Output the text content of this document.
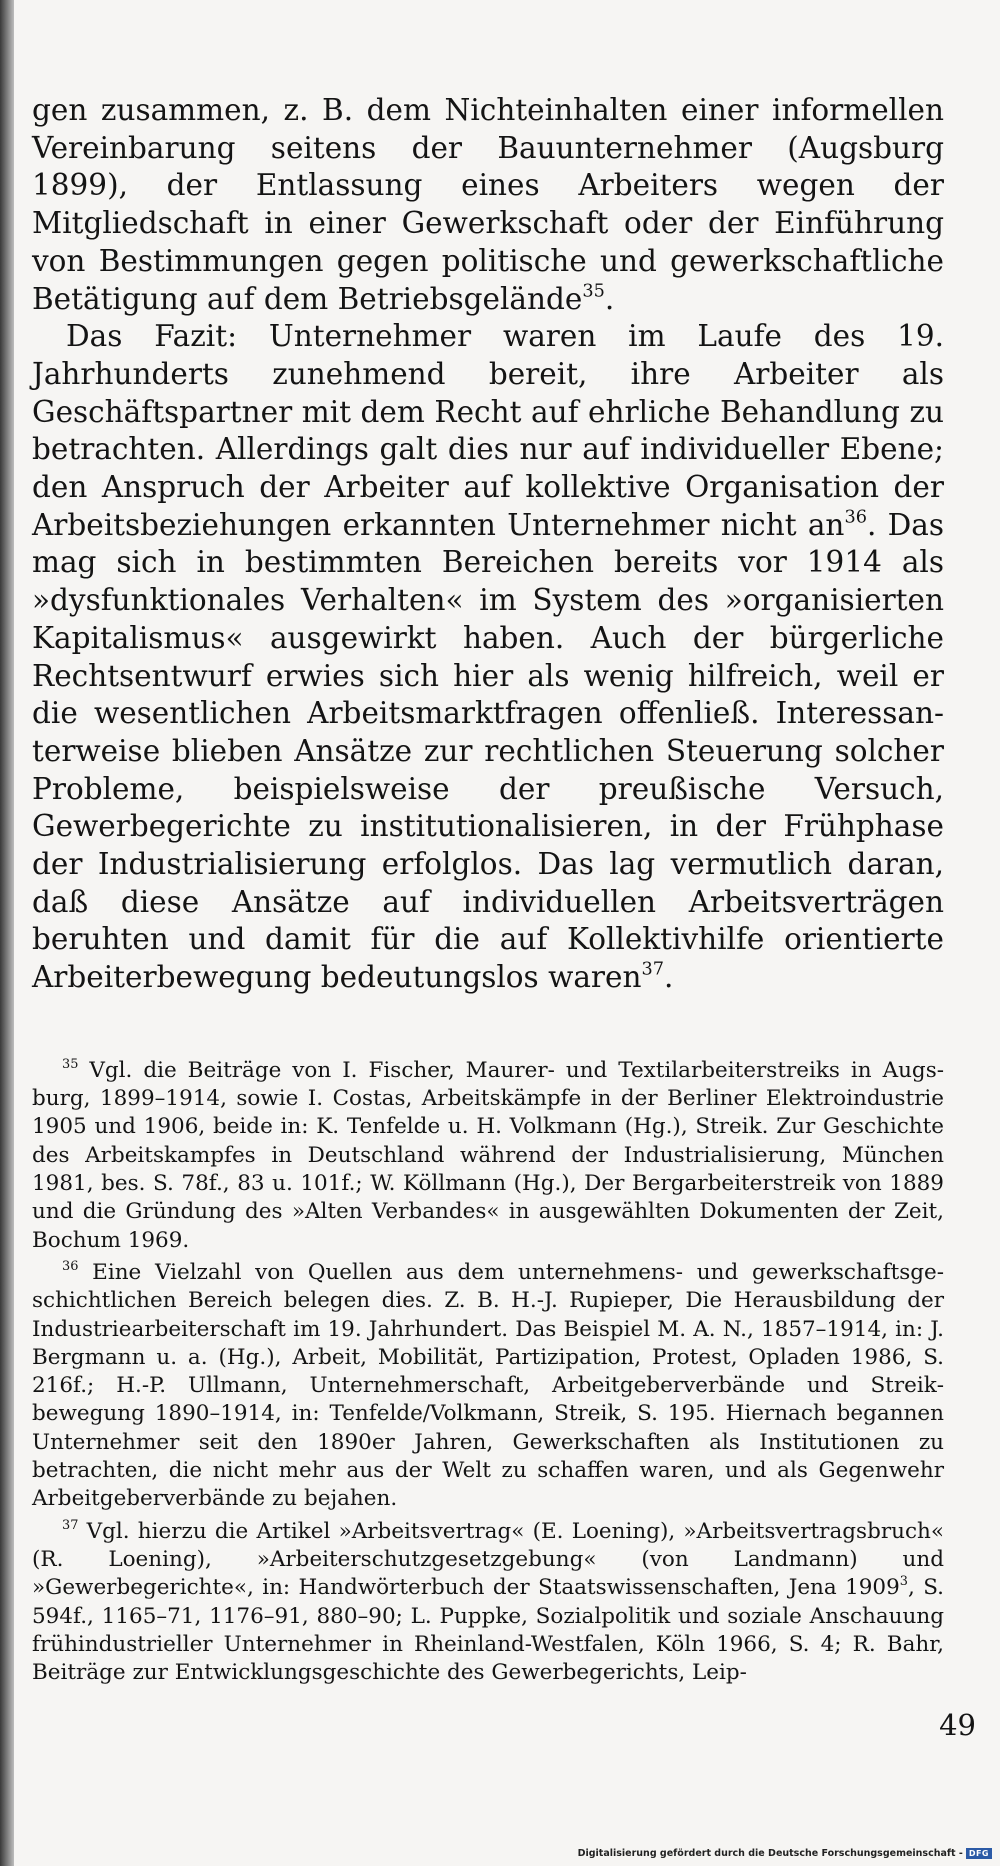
gen zusammen, z. B. dem Nichteinhalten einer informellen Vereinbarung seitens der Bauunternehmer (Augsburg 1899), der Entlassung eines Arbeiters wegen der Mitgliedschaft in einer Gewerkschaft oder der Einführung von Bestimmungen gegen politische und gewerkschaftliche Betätigung auf dem Betriebsgelände$^{35}$.

Das Fazit: Unternehmer waren im Laufe des 19. Jahrhunderts zunehmend bereit, ihre Arbeiter als Geschäftspartner mit dem Recht auf ehrliche Behandlung zu betrachten. Allerdings galt dies nur auf individueller Ebene; den Anspruch der Arbeiter auf kollektive Organisation der Arbeitsbeziehungen erkannten Unternehmer nicht $an^{36}$. Das mag sich in bestimmten Bereichen bereits vor 1914 als »dysfunktionales Verhalten« im System des »organisierten Kapitalismus« ausgewirkt haben. Auch der bürgerliche Rechtsentwurf erwies sich hier als wenig hilfreich, weil er die wesentlichen Arbeitsmarktfragen offenließ. Interessanterweise blieben Ansätze zur rechtlichen Steuerung solcher Probleme, beispielsweise der preußische Versuch, Gewerbegerichte zu institutionalisieren, in der Frühphase der Industrialisierung erfolglos. Das lag vermutlich daran, daß diese Ansätze auf individuellen Arbeitsverträgen beruhten und damit für die auf Kollektivhilfe orientierte Arbeiterbewegung bedeutungslos waren$^{37}$.

$^{35}$ Vgl. die Beiträge von I. Fischer, Maurer- und Textilarbeiterstreiks in Augsburg, 1899–1914, sowie I. Costas, Arbeitskämpfe in der Berliner Elektroindustrie 1905 und 1906, beide in: K. Tenfelde u. H. Volkmann (Hg.), Streik. Zur Geschichte des Arbeitskampfes in Deutschland während der Industrialisierung, München 1981, bes. S. 78f., 83 u. 101f.; W. Köllmann (Hg.), Der Bergarbeiterstreik von 1889 und die Gründung des »Alten Verbandes« in ausgewählten Dokumenten der Zeit, Bochum 1969.

$^{36}$ Eine Vielzahl von Quellen aus dem unternehmens- und gewerkschaftsgeschichtlichen Bereich belegen dies. Z. B. H.-J. Rupieper, Die Herausbildung der Industriearbeiterschaft im 19. Jahrhundert. Das Beispiel M. A. N., 1857–1914, in: J. Bergmann u. a. (Hg.), Arbeit, Mobilität, Partizipation, Protest, Opladen 1986, S. 216f.; H.-P. Ullmann, Unternehmerschaft, Arbeitgeberverbände und Streikbewegung 1890–1914, in: Tenfelde/Volkmann, Streik, S. 195. Hiernach begannen Unternehmer seit den 1890er Jahren, Gewerkschaften als Institutionen zu betrachten, die nicht mehr aus der Welt zu schaffen waren, und als Gegenwehr Arbeitgeberverbände zu bejahen.

$^{37}$ Vgl. hierzu die Artikel »Arbeitsvertrag« (E. Loening), »Arbeitsvertragsbruch« (R. Loening), »Arbeiterschutzgesetzgebung« (von Landmann) und »Gewerbegerichte«, in: Handwörterbuch der Staatswissenschaften, Jena 1909$^3$, S. 594f., 1165–71, 1176–91, 880–90; L. Puppke, Sozialpolitik und soziale Anschauung frühindustrieller Unternehmer in Rheinland-Westfalen, Köln 1966, S. 4; R. Bahr, Beiträge zur Entwicklungsgeschichte des Gewerbegerichts, Leip-

49
Digitalisierung gefördert durch die Deutsche Forschungsgemeinschaft - DFG
